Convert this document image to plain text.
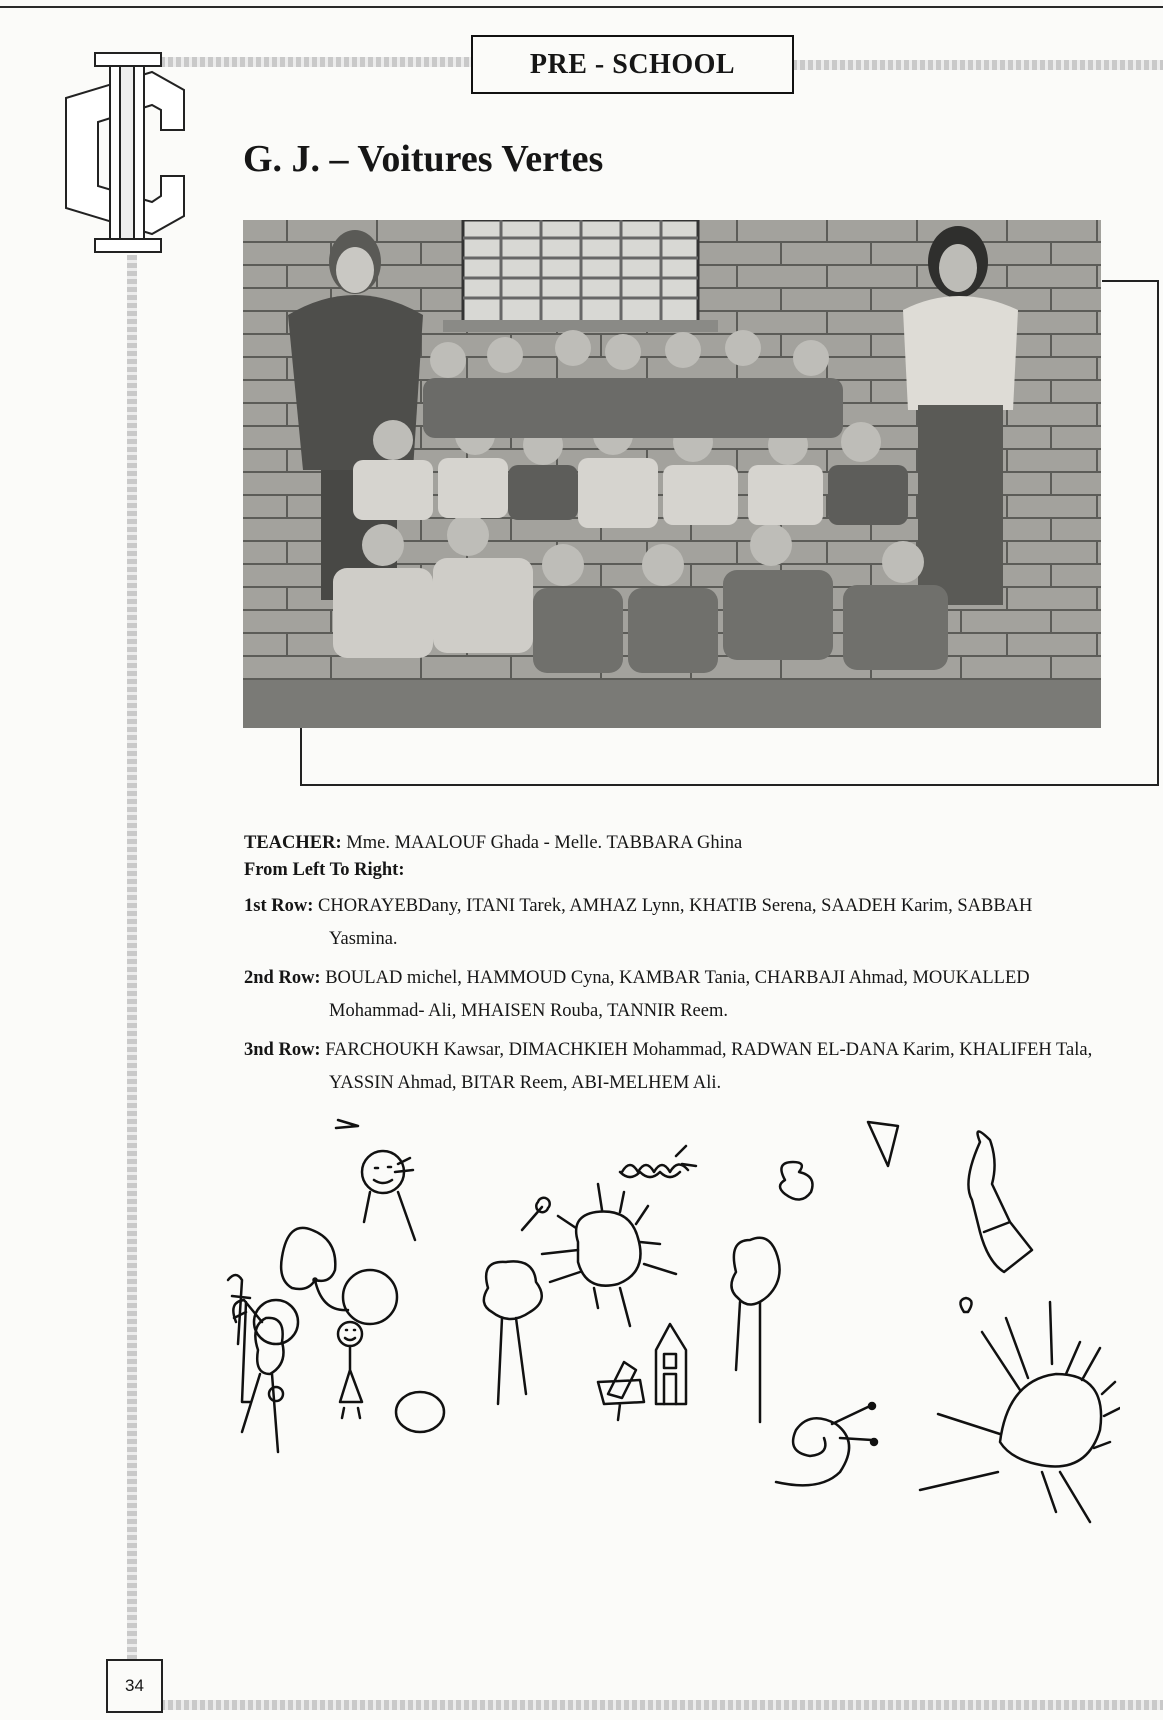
PRE - SCHOOL
G. J. – Voitures Vertes

TEACHER: Mme. MAALOUF Ghada - Melle. TABBARA Ghina

From Left To Right:

1st Row: CHORAYEBDany, ITANI Tarek, AMHAZ Lynn, KHATIB Serena, SAADEH Karim, SABBAH Yasmina.

2nd Row: BOULAD michel, HAMMOUD Cyna, KAMBAR Tania, CHARBAJI Ahmad, MOUKALLED Mohammad- Ali, MHAISEN Rouba, TANNIR Reem.

3nd Row: FARCHOUKH Kawsar, DIMACHKIEH Mohammad, RADWAN EL-DANA Karim, KHALIFEH Tala, YASSIN Ahmad, BITAR Reem, ABI-MELHEM Ali.

34
